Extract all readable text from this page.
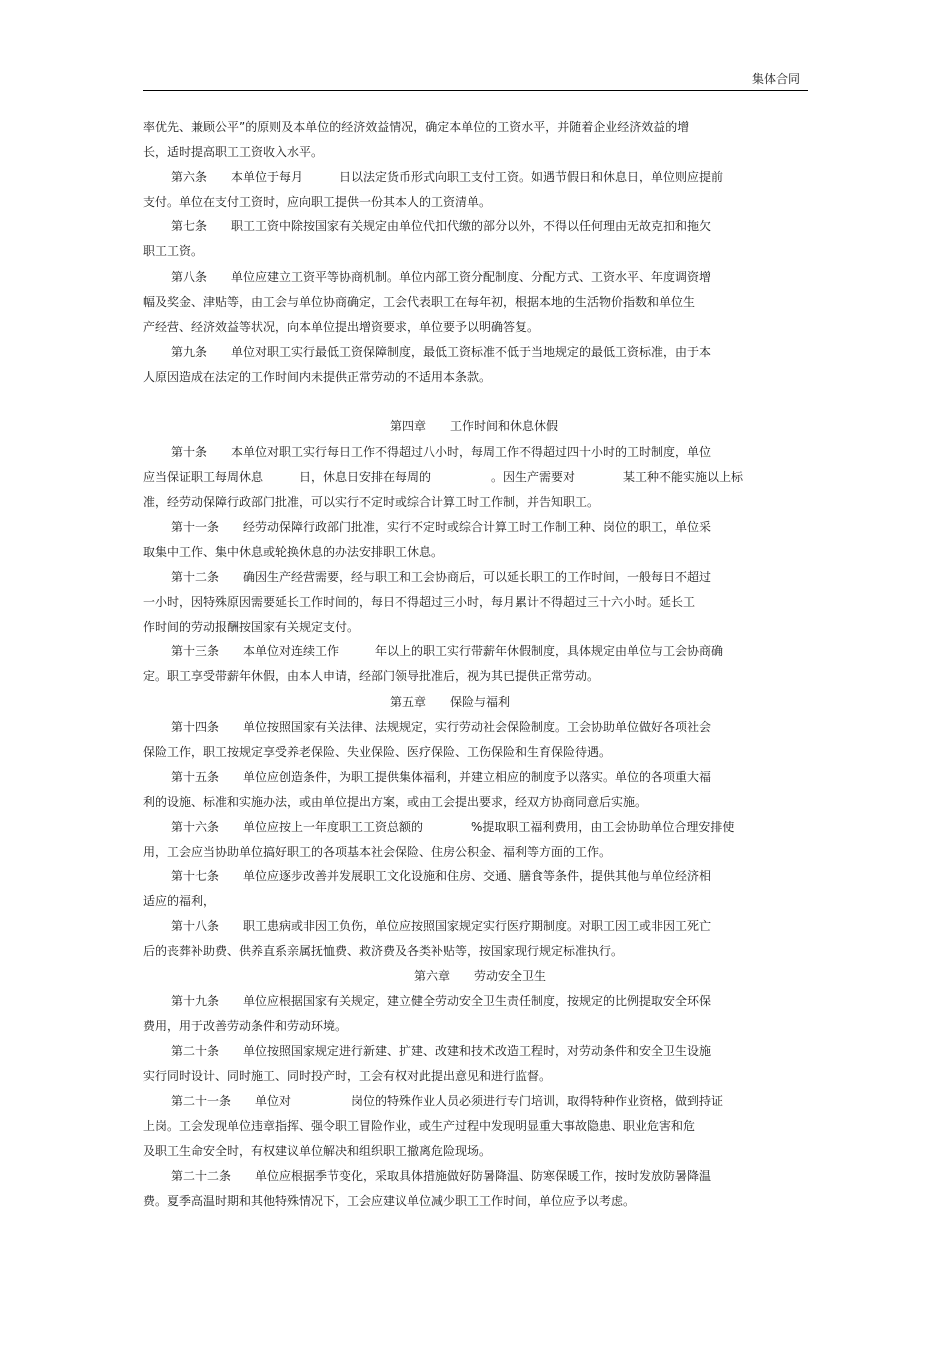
集体合同
率优先、兼顾公平”的原则及本单位的经济效益情况，确定本单位的工资水平，并随着企业经济效益的增
长，适时提高职工工资收入水平。
第六条　　本单位于每月　　　日以法定货币形式向职工支付工资。如遇节假日和休息日，单位则应提前
支付。单位在支付工资时，应向职工提供一份其本人的工资清单。
第七条　　职工工资中除按国家有关规定由单位代扣代缴的部分以外，不得以任何理由无故克扣和拖欠
职工工资。
第八条　　单位应建立工资平等协商机制。单位内部工资分配制度、分配方式、工资水平、年度调资增
幅及奖金、津贴等，由工会与单位协商确定，工会代表职工在每年初，根据本地的生活物价指数和单位生
产经营、经济效益等状况，向本单位提出增资要求，单位要予以明确答复。
第九条　　单位对职工实行最低工资保障制度，最低工资标准不低于当地规定的最低工资标准，由于本
人原因造成在法定的工作时间内未提供正常劳动的不适用本条款。
第四章　　工作时间和休息休假
第十条　　本单位对职工实行每日工作不得超过八小时，每周工作不得超过四十小时的工时制度，单位
应当保证职工每周休息　　　日，休息日安排在每周的　　　　　。因生产需要对　　　　某工种不能实施以上标
准，经劳动保障行政部门批准，可以实行不定时或综合计算工时工作制，并告知职工。
第十一条　　经劳动保障行政部门批准，实行不定时或综合计算工时工作制工种、岗位的职工，单位采
取集中工作、集中休息或轮换休息的办法安排职工休息。
第十二条　　确因生产经营需要，经与职工和工会协商后，可以延长职工的工作时间，一般每日不超过
一小时，因特殊原因需要延长工作时间的，每日不得超过三小时，每月累计不得超过三十六小时。延长工
作时间的劳动报酬按国家有关规定支付。
第十三条　　本单位对连续工作　　　年以上的职工实行带薪年休假制度，具体规定由单位与工会协商确
定。职工享受带薪年休假，由本人申请，经部门领导批准后，视为其已提供正常劳动。
第五章　　保险与福利
第十四条　　单位按照国家有关法律、法规规定，实行劳动社会保险制度。工会协助单位做好各项社会
保险工作，职工按规定享受养老保险、失业保险、医疗保险、工伤保险和生育保险待遇。
第十五条　　单位应创造条件，为职工提供集体福利，并建立相应的制度予以落实。单位的各项重大福
利的设施、标准和实施办法，或由单位提出方案，或由工会提出要求，经双方协商同意后实施。
第十六条　　单位应按上一年度职工工资总额的　　　　%提取职工福利费用，由工会协助单位合理安排使
用，工会应当协助单位搞好职工的各项基本社会保险、住房公积金、福利等方面的工作。
第十七条　　单位应逐步改善并发展职工文化设施和住房、交通、膳食等条件，提供其他与单位经济相
适应的福利，
第十八条　　职工患病或非因工负伤，单位应按照国家规定实行医疗期制度。对职工因工或非因工死亡
后的丧葬补助费、供养直系亲属抚恤费、救济费及各类补贴等，按国家现行规定标准执行。
第六章　　劳动安全卫生
第十九条　　单位应根据国家有关规定，建立健全劳动安全卫生责任制度，按规定的比例提取安全环保
费用，用于改善劳动条件和劳动环境。
第二十条　　单位按照国家规定进行新建、扩建、改建和技术改造工程时，对劳动条件和安全卫生设施
实行同时设计、同时施工、同时投产时，工会有权对此提出意见和进行监督。
第二十一条　　单位对　　　　　岗位的特殊作业人员必须进行专门培训，取得特种作业资格，做到持证
上岗。工会发现单位违章指挥、强令职工冒险作业，或生产过程中发现明显重大事故隐患、职业危害和危
及职工生命安全时，有权建议单位解决和组织职工撤离危险现场。
第二十二条　　单位应根据季节变化，采取具体措施做好防暑降温、防寒保暖工作，按时发放防暑降温
费。夏季高温时期和其他特殊情况下，工会应建议单位减少职工工作时间，单位应予以考虑。
